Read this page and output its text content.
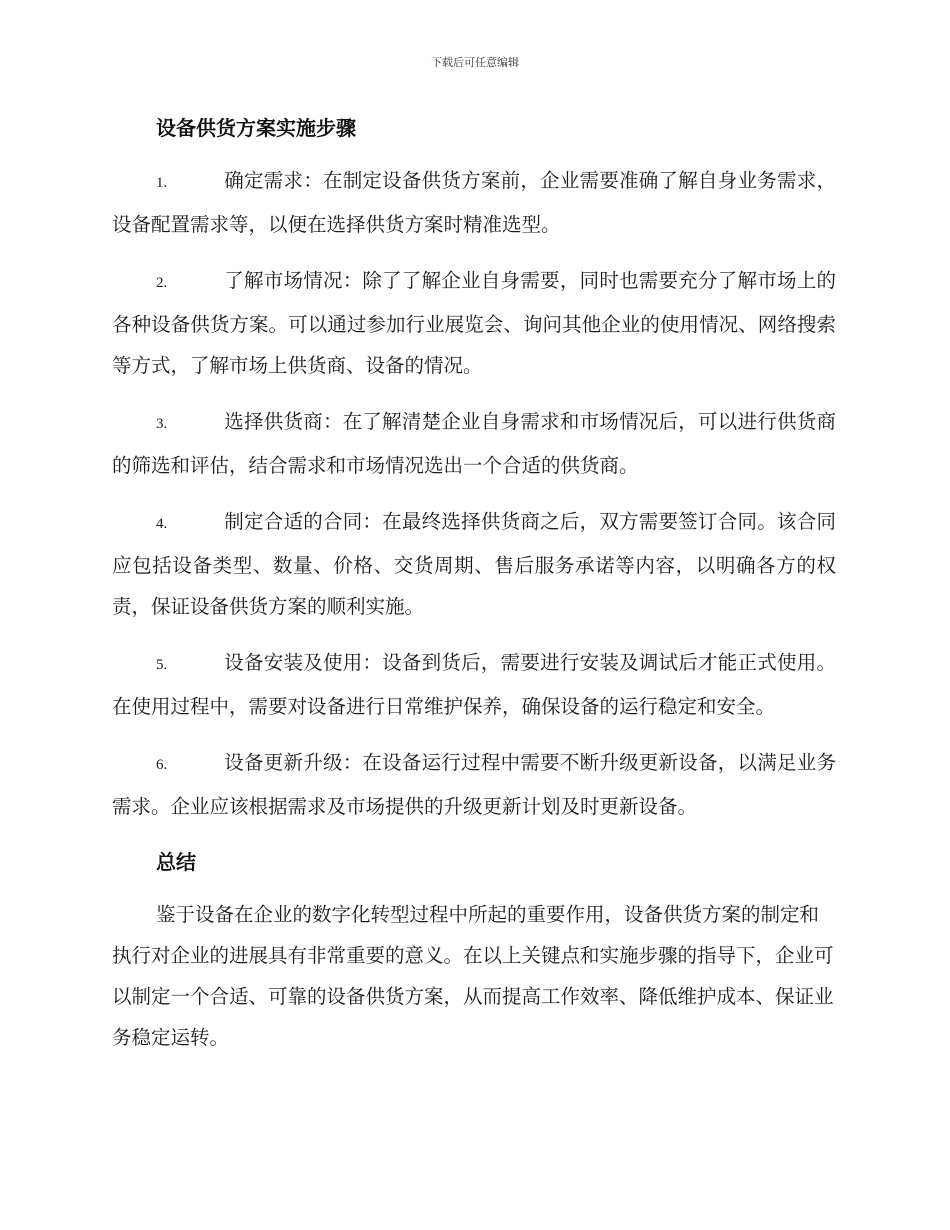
下载后可任意编辑
设备供货方案实施步骤

1.	确定需求：在制定设备供货方案前，企业需要准确了解自身业务需求，设备配置需求等，以便在选择供货方案时精准选型。

2.	了解市场情况：除了了解企业自身需要，同时也需要充分了解市场上的各种设备供货方案。可以通过参加行业展览会、询问其他企业的使用情况、网络搜索等方式，了解市场上供货商、设备的情况。

3.	选择供货商：在了解清楚企业自身需求和市场情况后，可以进行供货商的筛选和评估，结合需求和市场情况选出一个合适的供货商。

4.	制定合适的合同：在最终选择供货商之后，双方需要签订合同。该合同应包括设备类型、数量、价格、交货周期、售后服务承诺等内容，以明确各方的权责，保证设备供货方案的顺利实施。

5.	设备安装及使用：设备到货后，需要进行安装及调试后才能正式使用。在使用过程中，需要对设备进行日常维护保养，确保设备的运行稳定和安全。

6.	设备更新升级：在设备运行过程中需要不断升级更新设备，以满足业务需求。企业应该根据需求及市场提供的升级更新计划及时更新设备。

总结

鉴于设备在企业的数字化转型过程中所起的重要作用，设备供货方案的制定和执行对企业的进展具有非常重要的意义。在以上关键点和实施步骤的指导下，企业可以制定一个合适、可靠的设备供货方案，从而提高工作效率、降低维护成本、保证业务稳定运转。
